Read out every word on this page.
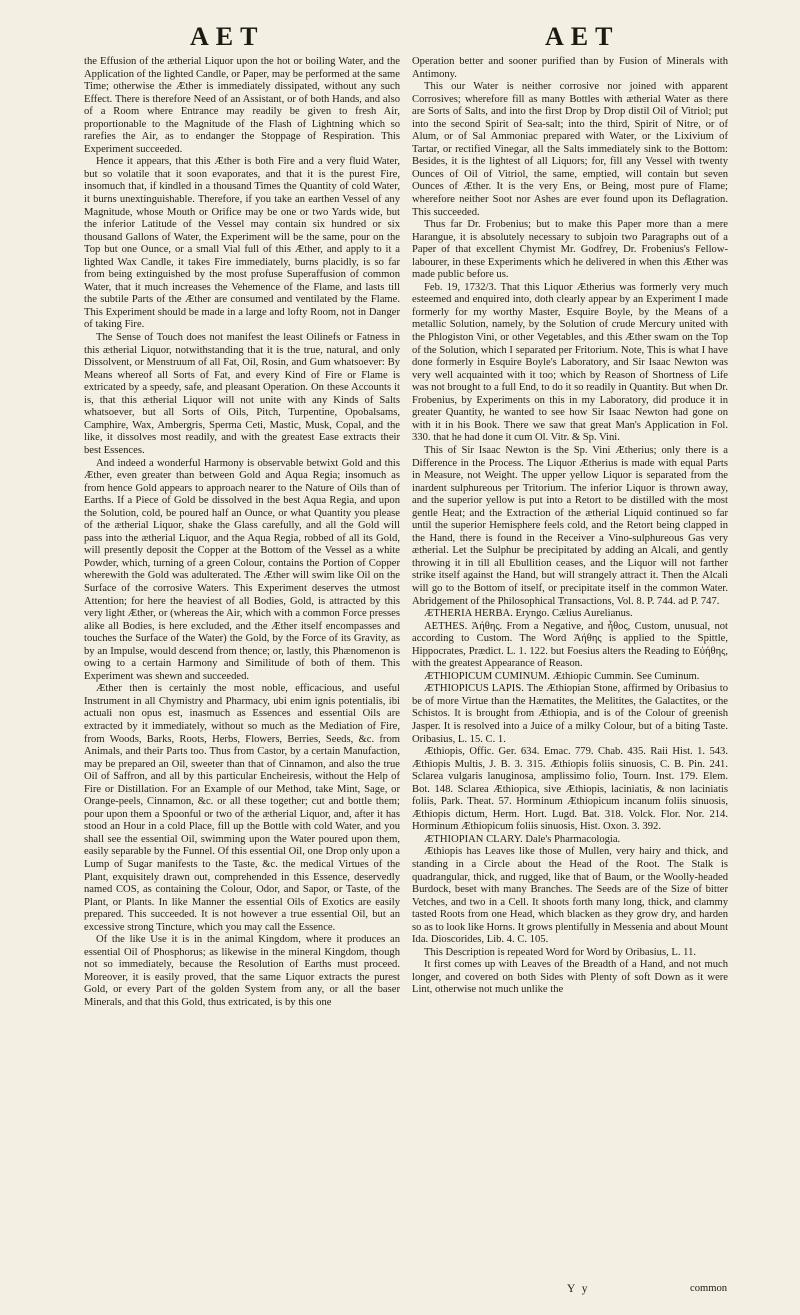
AET	AET

the Effusion of the ætherial Liquor upon the hot or boiling Water, and the Application of the lighted Candle, or Paper, may be performed at the same Time; otherwise the Æther is immediately dissipated, without any such Effect. There is therefore Need of an Assistant, or of both Hands, and also of a Room where Entrance may readily be given to fresh Air, proportionable to the Magnitude of the Flash of Lightning which so rarefies the Air, as to endanger the Stoppage of Respiration. This Experiment succeeded.

Hence it appears, that this Æther is both Fire and a very fluid Water, but so volatile that it soon evaporates, and that it is the purest Fire, insomuch that, if kindled in a thousand Times the Quantity of cold Water, it burns unextinguishable. Therefore, if you take an earthen Vessel of any Magnitude, whose Mouth or Orifice may be one or two Yards wide, but the inferior Latitude of the Vessel may contain six hundred or six thousand Gallons of Water, the Experiment will be the same, pour on the Top but one Ounce, or a small Vial full of this Æther, and apply to it a lighted Wax Candle, it takes Fire immediately, burns placidly, is so far from being extinguished by the most profuse Superaffusion of common Water, that it much increases the Vehemence of the Flame, and lasts till the subtile Parts of the Æther are consumed and ventilated by the Flame. This Experiment should be made in a large and lofty Room, not in Danger of taking Fire.

The Sense of Touch does not manifest the least Oilinefs or Fatness in this ætherial Liquor, notwithstanding that it is the true, natural, and only Dissolvent, or Menstruum of all Fat, Oil, Rosin, and Gum whatsoever: By Means whereof all Sorts of Fat, and every Kind of Fire or Flame is extricated by a speedy, safe, and pleasant Operation. On these Accounts it is, that this ætherial Liquor will not unite with any Kinds of Salts whatsoever, but all Sorts of Oils, Pitch, Turpentine, Opobalsams, Camphire, Wax, Ambergris, Sperma Ceti, Mastic, Musk, Copal, and the like, it dissolves most readily, and with the greatest Ease extracts their best Essences.

And indeed a wonderful Harmony is observable betwixt Gold and this Æther, even greater than between Gold and Aqua Regia; insomuch as from hence Gold appears to approach nearer to the Nature of Oils than of Earths. If a Piece of Gold be dissolved in the best Aqua Regia, and upon the Solution, cold, be poured half an Ounce, or what Quantity you please of the ætherial Liquor, shake the Glass carefully, and all the Gold will pass into the ætherial Liquor, and the Aqua Regia, robbed of all its Gold, will presently deposit the Copper at the Bottom of the Vessel as a white Powder, which, turning of a green Colour, contains the Portion of Copper wherewith the Gold was adulterated. The Æther will swim like Oil on the Surface of the corrosive Waters. This Experiment deserves the utmost Attention; for here the heaviest of all Bodies, Gold, is attracted by this very light Æther, or (whereas the Air, which with a common Force presses alike all Bodies, is here excluded, and the Æther itself encompasses and touches the Surface of the Water) the Gold, by the Force of its Gravity, as by an Impulse, would descend from thence; or, lastly, this Phænomenon is owing to a certain Harmony and Similitude of both of them. This Experiment was shewn and succeeded.

Æther then is certainly the most noble, efficacious, and useful Instrument in all Chymistry and Pharmacy, ubi enim ignis potentialis, ibi actuali non opus est, inasmuch as Essences and essential Oils are extracted by it immediately, without so much as the Mediation of Fire, from Woods, Barks, Roots, Herbs, Flowers, Berries, Seeds, &c. from Animals, and their Parts too. Thus from Castor, by a certain Manufaction, may be prepared an Oil, sweeter than that of Cinnamon, and also the true Oil of Saffron, and all by this particular Encheiresis, without the Help of Fire or Distillation. For an Example of our Method, take Mint, Sage, or Orange-peels, Cinnamon, &c. or all these together; cut and bottle them; pour upon them a Spoonful or two of the ætherial Liquor, and, after it has stood an Hour in a cold Place, fill up the Bottle with cold Water, and you shall see the essential Oil, swimming upon the Water poured upon them, easily separable by the Funnel. Of this essential Oil, one Drop only upon a Lump of Sugar manifests to the Taste, &c. the medical Virtues of the Plant, exquisitely drawn out, comprehended in this Essence, deservedly named COS, as containing the Colour, Odor, and Sapor, or Taste, of the Plant, or Plants. In like Manner the essential Oils of Exotics are easily prepared. This succeeded. It is not however a true essential Oil, but an excessive strong Tincture, which you may call the Essence.

Of the like Use it is in the animal Kingdom, where it produces an essential Oil of Phosphorus; as likewise in the mineral Kingdom, though not so immediately, because the Resolution of Earths must proceed. Moreover, it is easily proved, that the same Liquor extracts the purest Gold, or every Part of the golden System from any, or all the baser Minerals, and that this Gold, thus extricated, is by this one

Operation better and sooner purified than by Fusion of Minerals with Antimony.

This our Water is neither corrosive nor joined with apparent Corrosives; wherefore fill as many Bottles with ætherial Water as there are Sorts of Salts, and into the first Drop by Drop distil Oil of Vitriol; put into the second Spirit of Sea-salt; into the third, Spirit of Nitre, or of Alum, or of Sal Ammoniac prepared with Water, or the Lixivium of Tartar, or rectified Vinegar, all the Salts immediately sink to the Bottom: Besides, it is the lightest of all Liquors; for, fill any Vessel with twenty Ounces of Oil of Vitriol, the same, emptied, will contain but seven Ounces of Æther. It is the very Ens, or Being, most pure of Flame; wherefore neither Soot nor Ashes are ever found upon its Deflagration. This succeeded.

Thus far Dr. Frobenius; but to make this Paper more than a mere Harangue, it is absolutely necessary to subjoin two Paragraphs out of a Paper of that excellent Chymist Mr. Godfrey, Dr. Frobenius's Fellow-labourer, in these Experiments which he delivered in when this Æther was made public before us.

Feb. 19, 1732/3. That this Liquor Ætherius was formerly very much esteemed and enquired into, doth clearly appear by an Experiment I made formerly for my worthy Master, Esquire Boyle, by the Means of a metallic Solution, namely, by the Solution of crude Mercury united with the Phlogiston Vini, or other Vegetables, and this Æther swam on the Top of the Solution, which I separated per Fritorium. Note, This is what I have done formerly in Esquire Boyle's Laboratory, and Sir Isaac Newton was very well acquainted with it too; which by Reason of Shortness of Life was not brought to a full End, to do it so readily in Quantity. But when Dr. Frobenius, by Experiments on this in my Laboratory, did produce it in greater Quantity, he wanted to see how Sir Isaac Newton had gone on with it in his Book. There we saw that great Man's Application in Fol. 330. that he had done it cum Ol. Vitr. & Sp. Vini.

This of Sir Isaac Newton is the Sp. Vini Ætherius; only there is a Difference in the Process. The Liquor Ætherius is made with equal Parts in Measure, not Weight. The upper yellow Liquor is separated from the inardent sulphureous per Tritorium. The inferior Liquor is thrown away, and the superior yellow is put into a Retort to be distilled with the most gentle Heat; and the Extraction of the ætherial Liquid continued so far until the superior Hemisphere feels cold, and the Retort being clapped in the Hand, there is found in the Receiver a Vino-sulphureous Gas very ætherial. Let the Sulphur be precipitated by adding an Alcali, and gently throwing it in till all Ebullition ceases, and the Liquor will not farther strike itself against the Hand, but will strangely attract it. Then the Alcali will go to the Bottom of itself, or precipitate itself in the common Water. Abridgement of the Philosophical Transactions, Vol. 8. P. 744. ad P. 747.

ÆTHERIA HERBA. Eryngo. Cælius Aurelianus.

AETHES. Ἀήθης. From a Negative, and ἦθος, Custom, unusual, not according to Custom. The Word Ἀήθης is applied to the Spittle, Hippocrates, Prædict. L. 1. 122. but Foesius alters the Reading to Εὐήθης, with the greatest Appearance of Reason.

ÆTHIOPICUM CUMINUM. Æthiopic Cummin. See Cuminum.

ÆTHIOPICUS LAPIS. The Æthiopian Stone, affirmed by Oribasius to be of more Virtue than the Hæmatites, the Melitites, the Galactites, or the Schistos. It is brought from Æthiopia, and is of the Colour of greenish Jasper. It is resolved into a Juice of a milky Colour, but of a biting Taste. Oribasius, L. 15. C. 1.

Æthiopis, Offic. Ger. 634. Emac. 779. Chab. 435. Raii Hist. 1. 543. Æthiopis Multis, J. B. 3. 315. Æthiopis foliis sinuosis, C. B. Pin. 241. Sclarea vulgaris lanuginosa, amplissimo folio, Tourn. Inst. 179. Elem. Bot. 148. Sclarea Æthiopica, sive Æthiopis, laciniatis, & non laciniatis foliis, Park. Theat. 57. Horminum Æthiopicum incanum foliis sinuosis, Æthiopis dictum, Herm. Hort. Lugd. Bat. 318. Volck. Flor. Nor. 214. Horminum Æthiopicum foliis sinuosis, Hist. Oxon. 3. 392.

ÆTHIOPIAN CLARY. Dale's Pharmacologia.

Æthiopis has Leaves like those of Mullen, very hairy and thick, and standing in a Circle about the Head of the Root. The Stalk is quadrangular, thick, and rugged, like that of Baum, or the Woolly-headed Burdock, beset with many Branches. The Seeds are of the Size of bitter Vetches, and two in a Cell. It shoots forth many long, thick, and clammy tasted Roots from one Head, which blacken as they grow dry, and harden so as to look like Horns. It grows plentifully in Messenia and about Mount Ida. Dioscorides, Lib. 4. C. 105.

This Description is repeated Word for Word by Oribasius, L. 11.

It first comes up with Leaves of the Breadth of a Hand, and not much longer, and covered on both Sides with Plenty of soft Down as it were Lint, otherwise not much unlike the

Y y	common
